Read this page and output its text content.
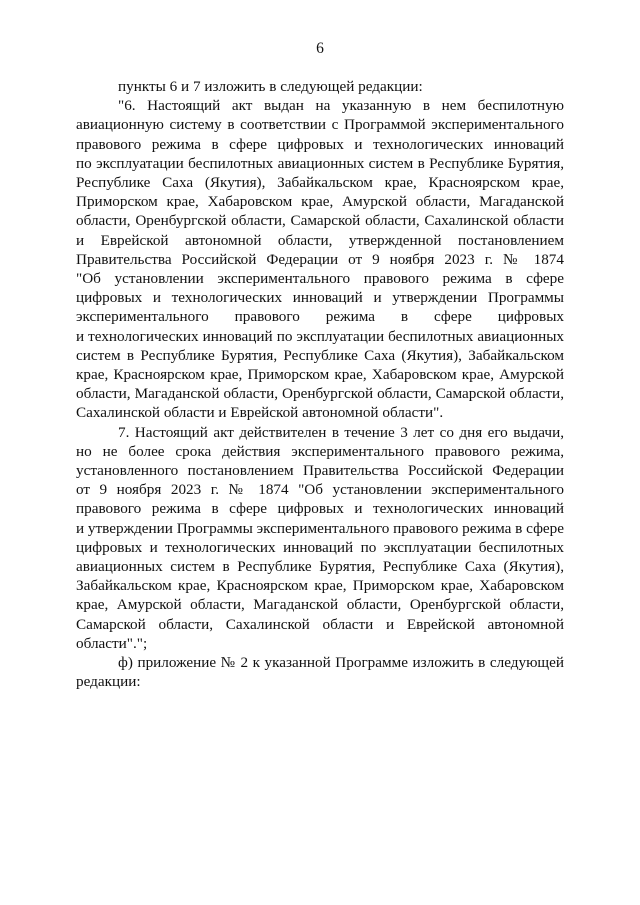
6
пункты 6 и 7 изложить в следующей редакции:
"6. Настоящий акт выдан на указанную в нем беспилотную
авиационную систему в соответствии с Программой экспериментального
правового режима в сфере цифровых и технологических инноваций
по эксплуатации беспилотных авиационных систем в Республике Бурятия,
Республике Саха (Якутия), Забайкальском крае, Красноярском крае,
Приморском крае, Хабаровском крае, Амурской области, Магаданской
области, Оренбургской области, Самарской области, Сахалинской области
и Еврейской автономной области, утвержденной постановлением
Правительства Российской Федерации от 9 ноября 2023 г. № 1874
"Об установлении экспериментального правового режима в сфере
цифровых и технологических инноваций и утверждении Программы
экспериментального правового режима в сфере цифровых
и технологических инноваций по эксплуатации беспилотных авиационных
систем в Республике Бурятия, Республике Саха (Якутия), Забайкальском
крае, Красноярском крае, Приморском крае, Хабаровском крае, Амурской
области, Магаданской области, Оренбургской области, Самарской области,
Сахалинской области и Еврейской автономной области".
7. Настоящий акт действителен в течение 3 лет со дня его выдачи,
но не более срока действия экспериментального правового режима,
установленного постановлением Правительства Российской Федерации
от 9 ноября 2023 г. № 1874 "Об установлении экспериментального
правового режима в сфере цифровых и технологических инноваций
и утверждении Программы экспериментального правового режима в сфере
цифровых и технологических инноваций по эксплуатации беспилотных
авиационных систем в Республике Бурятия, Республике Саха (Якутия),
Забайкальском крае, Красноярском крае, Приморском крае, Хабаровском
крае, Амурской области, Магаданской области, Оренбургской области,
Самарской области, Сахалинской области и Еврейской автономной
области".";
ф) приложение № 2 к указанной Программе изложить в следующей
редакции:
